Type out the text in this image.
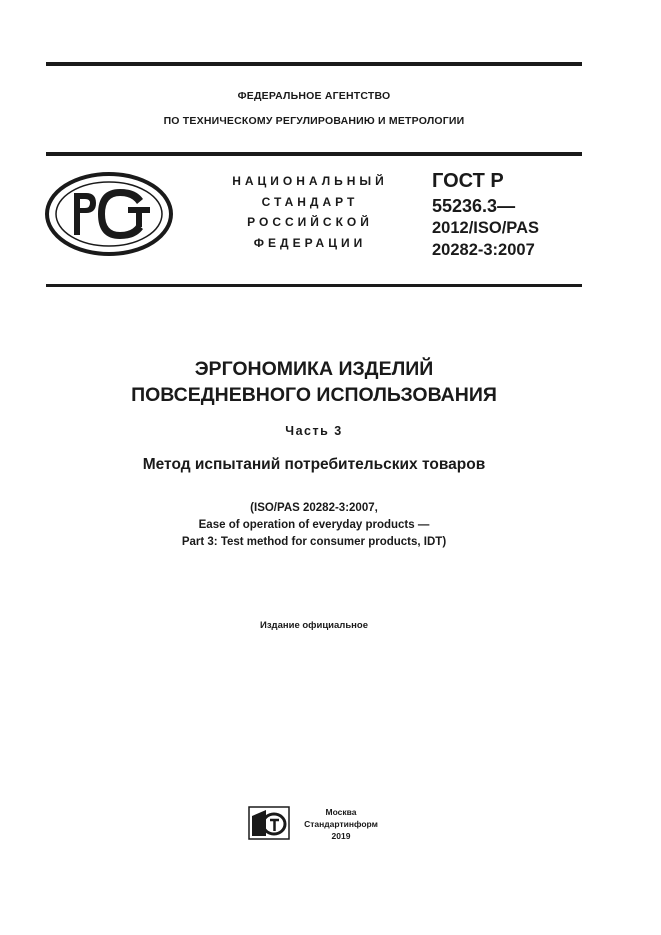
ФЕДЕРАЛЬНОЕ АГЕНТСТВО
ПО ТЕХНИЧЕСКОМУ РЕГУЛИРОВАНИЮ И МЕТРОЛОГИИ
НАЦИОНАЛЬНЫЙ
СТАНДАРТ
РОССИЙСКОЙ
ФЕДЕРАЦИИ
ГОСТ Р
55236.3—
2012/ISO/PAS
20282-3:2007
ЭРГОНОМИКА ИЗДЕЛИЙ
ПОВСЕДНЕВНОГО ИСПОЛЬЗОВАНИЯ
Часть 3
Метод испытаний потребительских товаров
(ISO/PAS 20282-3:2007,
Ease of operation of everyday products —
Part 3: Test method for consumer products, IDT)
Издание официальное
Москва
Стандартинформ
2019
